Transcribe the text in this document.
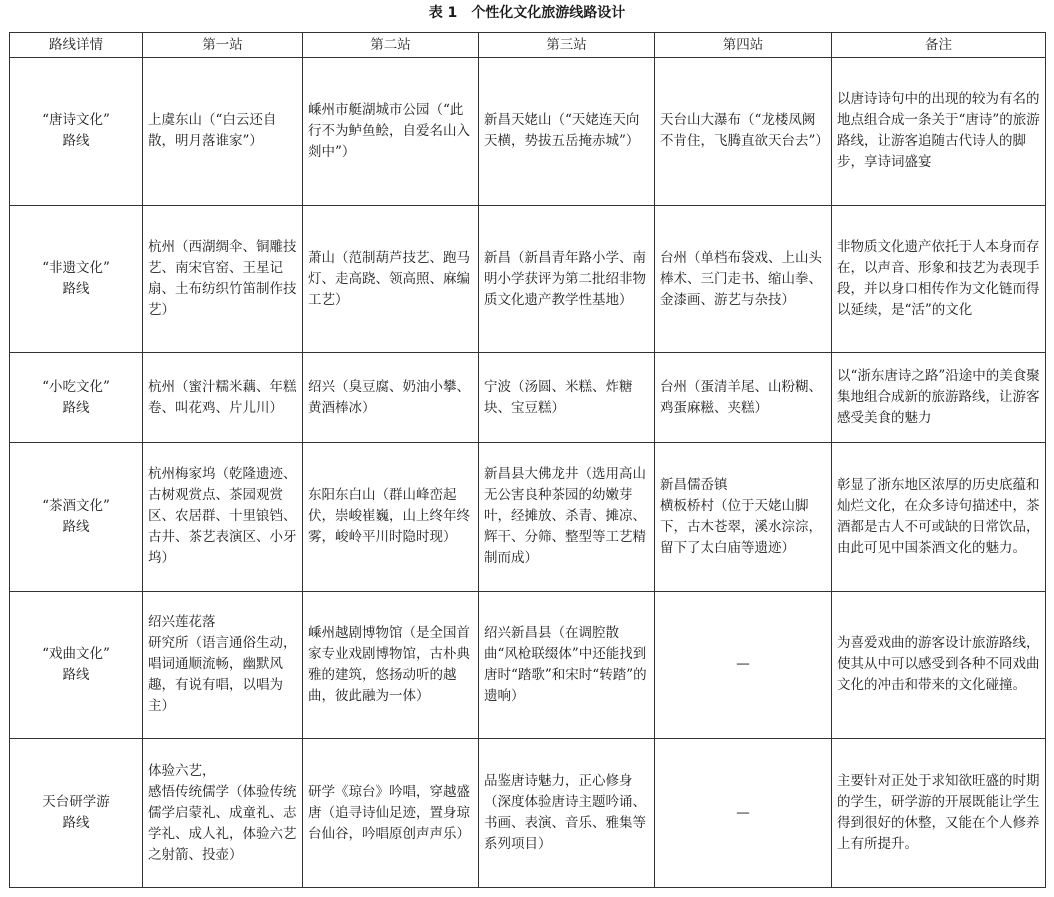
表 1 个性化文化旅游线路设计
路线详情	第一站	第二站	第三站	第四站	备注

“唐诗文化”
路线	上虞东山（“白云还自散，明月落谁家”）	嵊州市艇湖城市公园（“此行不为鲈鱼鲙，自爱名山入剡中”）	新昌天姥山（“天姥连天向天横，势拔五岳掩赤城”）	天台山大瀑布（“龙楼凤阙不肯住，飞腾直欲天台去”）	以唐诗诗句中的出现的较为有名的地点组合成一条关于“唐诗”的旅游路线，让游客追随古代诗人的脚步，享诗词盛宴

“非遗文化”
路线	杭州（西湖绸伞、铜雕技艺、南宋官窑、王星记扇、土布纺织竹笛制作技艺）	萧山（范制葫芦技艺、跑马灯、走高跷、领高照、麻编工艺）	新昌（新昌青年路小学、南明小学获评为第二批绍非物质文化遗产教学性基地）	台州（单档布袋戏、上山头棒术、三门走书、缩山拳、金漆画、游艺与杂技）	非物质文化遗产依托于人本身而存在，以声音、形象和技艺为表现手段，并以身口相传作为文化链而得以延续，是“活”的文化

“小吃文化”
路线	杭州（蜜汁糯米藕、年糕卷、叫花鸡、片儿川）	绍兴（臭豆腐、奶油小攀、黄酒棒冰）	宁波（汤圆、米糕、炸糖块、宝豆糕）	台州（蛋清羊尾、山粉糊、鸡蛋麻糍、夹糕）	以“浙东唐诗之路”沿途中的美食聚集地组合成新的旅游路线，让游客感受美食的魅力

“茶酒文化”
路线	杭州梅家坞（乾隆遗迹、古树观赏点、茶园观赏区、农居群、十里锒铛、古井、茶艺表演区、小牙坞）	东阳东白山（群山峰峦起伏，崇峻崔巍，山上终年终雾，峻岭平川时隐时现）	新昌县大佛龙井（选用高山无公害良种茶园的幼嫩芽叶，经摊放、杀青、摊凉、辉干、分筛、整型等工艺精制而成）	新昌儒岙镇
横板桥村（位于天姥山脚下，古木苍翠，溪水淙淙，留下了太白庙等遗迹）	彰显了浙东地区浓厚的历史底蕴和灿烂文化，在众多诗句描述中，茶酒都是古人不可或缺的日常饮品，由此可见中国茶酒文化的魅力。

“戏曲文化”
路线	绍兴莲花落
研究所（语言通俗生动，唱词通顺流畅，幽默风趣，有说有唱，以唱为主）	嵊州越剧博物馆（是全国首家专业戏剧博物馆，古朴典雅的建筑，悠扬动听的越曲，彼此融为一体）	绍兴新昌县（在调腔散曲“风枪联缀体”中还能找到唐时“踏歌”和宋时“转踏”的遗响）	—	为喜爱戏曲的游客设计旅游路线，使其从中可以感受到各种不同戏曲文化的冲击和带来的文化碰撞。

天台研学游
路线	体验六艺，
感悟传统儒学（体验传统儒学启蒙礼、成童礼、志学礼、成人礼，体验六艺之射箭、投壶）	研学《琼台》吟唱，穿越盛唐（追寻诗仙足迹，置身琼台仙谷，吟唱原创声声乐）	品鉴唐诗魅力，正心修身（深度体验唐诗主题吟诵、书画、表演、音乐、雅集等系列项目）	—	主要针对正处于求知欲旺盛的时期的学生，研学游的开展既能让学生得到很好的休整，又能在个人修养上有所提升。
